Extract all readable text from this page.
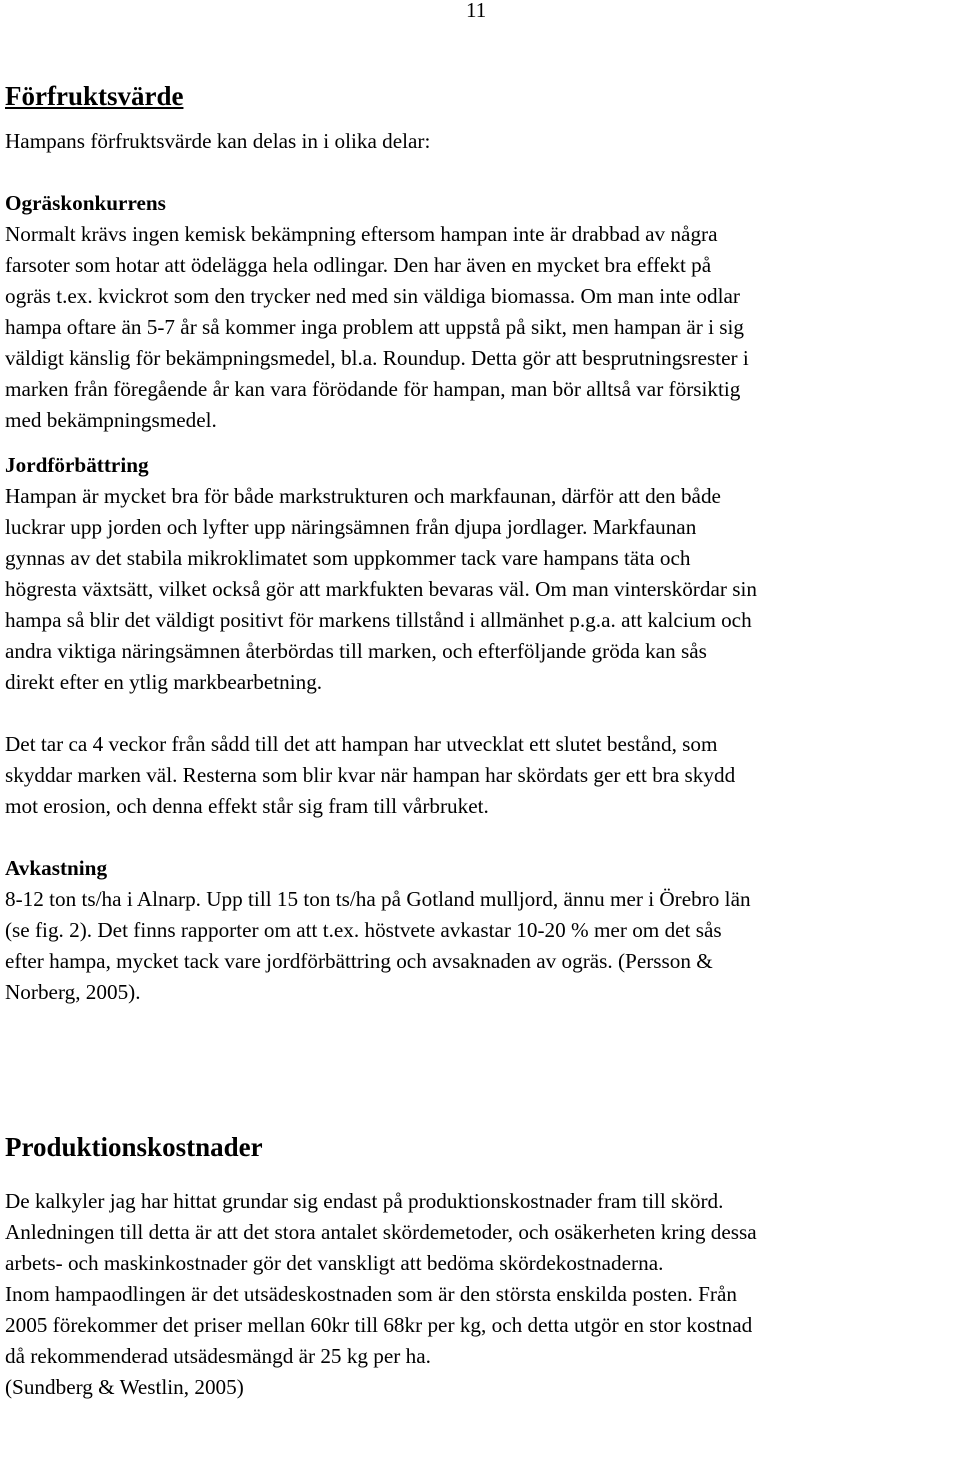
11
Förfruktsvärde

Hampans förfruktsvärde kan delas in i olika delar:

Ogräskonkurrens

Normalt krävs ingen kemisk bekämpning eftersom hampan inte är drabbad av några
farsoter som hotar att ödelägga hela odlingar. Den har även en mycket bra effekt på
ogräs t.ex. kvickrot som den trycker ned med sin väldiga biomassa. Om man inte odlar
hampa oftare än 5-7 år så kommer inga problem att uppstå på sikt, men hampan är i sig
väldigt känslig för bekämpningsmedel, bl.a. Roundup. Detta gör att besprutningsrester i
marken från föregående år kan vara förödande för hampan, man bör alltså var försiktig
med bekämpningsmedel.

Jordförbättring

Hampan är mycket bra för både markstrukturen och markfaunan, därför att den både
luckrar upp jorden och lyfter upp näringsämnen från djupa jordlager. Markfaunan
gynnas av det stabila mikroklimatet som uppkommer tack vare hampans täta och
högresta växtsätt, vilket också gör att markfukten bevaras väl. Om man vinterskördar sin
hampa så blir det väldigt positivt för markens tillstånd i allmänhet p.g.a. att kalcium och
andra viktiga näringsämnen återbördas till marken, och efterföljande gröda kan sås
direkt efter en ytlig markbearbetning.
Det tar ca 4 veckor från sådd till det att hampan har utvecklat ett slutet bestånd, som
skyddar marken väl. Resterna som blir kvar när hampan har skördats ger ett bra skydd
mot erosion, och denna effekt står sig fram till vårbruket.

Avkastning

8-12 ton ts/ha i Alnarp. Upp till 15 ton ts/ha på Gotland mulljord, ännu mer i Örebro län
(se fig. 2). Det finns rapporter om att t.ex. höstvete avkastar 10-20 % mer om det sås
efter hampa, mycket tack vare jordförbättring och avsaknaden av ogräs. (Persson &
Norberg, 2005).
Produktionskostnader
De kalkyler jag har hittat grundar sig endast på produktionskostnader fram till skörd.
Anledningen till detta är att det stora antalet skördemetoder, och osäkerheten kring dessa
arbets- och maskinkostnader gör det vanskligt att bedöma skördekostnaderna.
Inom hampaodlingen är det utsädeskostnaden som är den största enskilda posten. Från
2005 förekommer det priser mellan 60kr till 68kr per kg, och detta utgör en stor kostnad
då rekommenderad utsädesmängd är 25 kg per ha.
(Sundberg & Westlin, 2005)
